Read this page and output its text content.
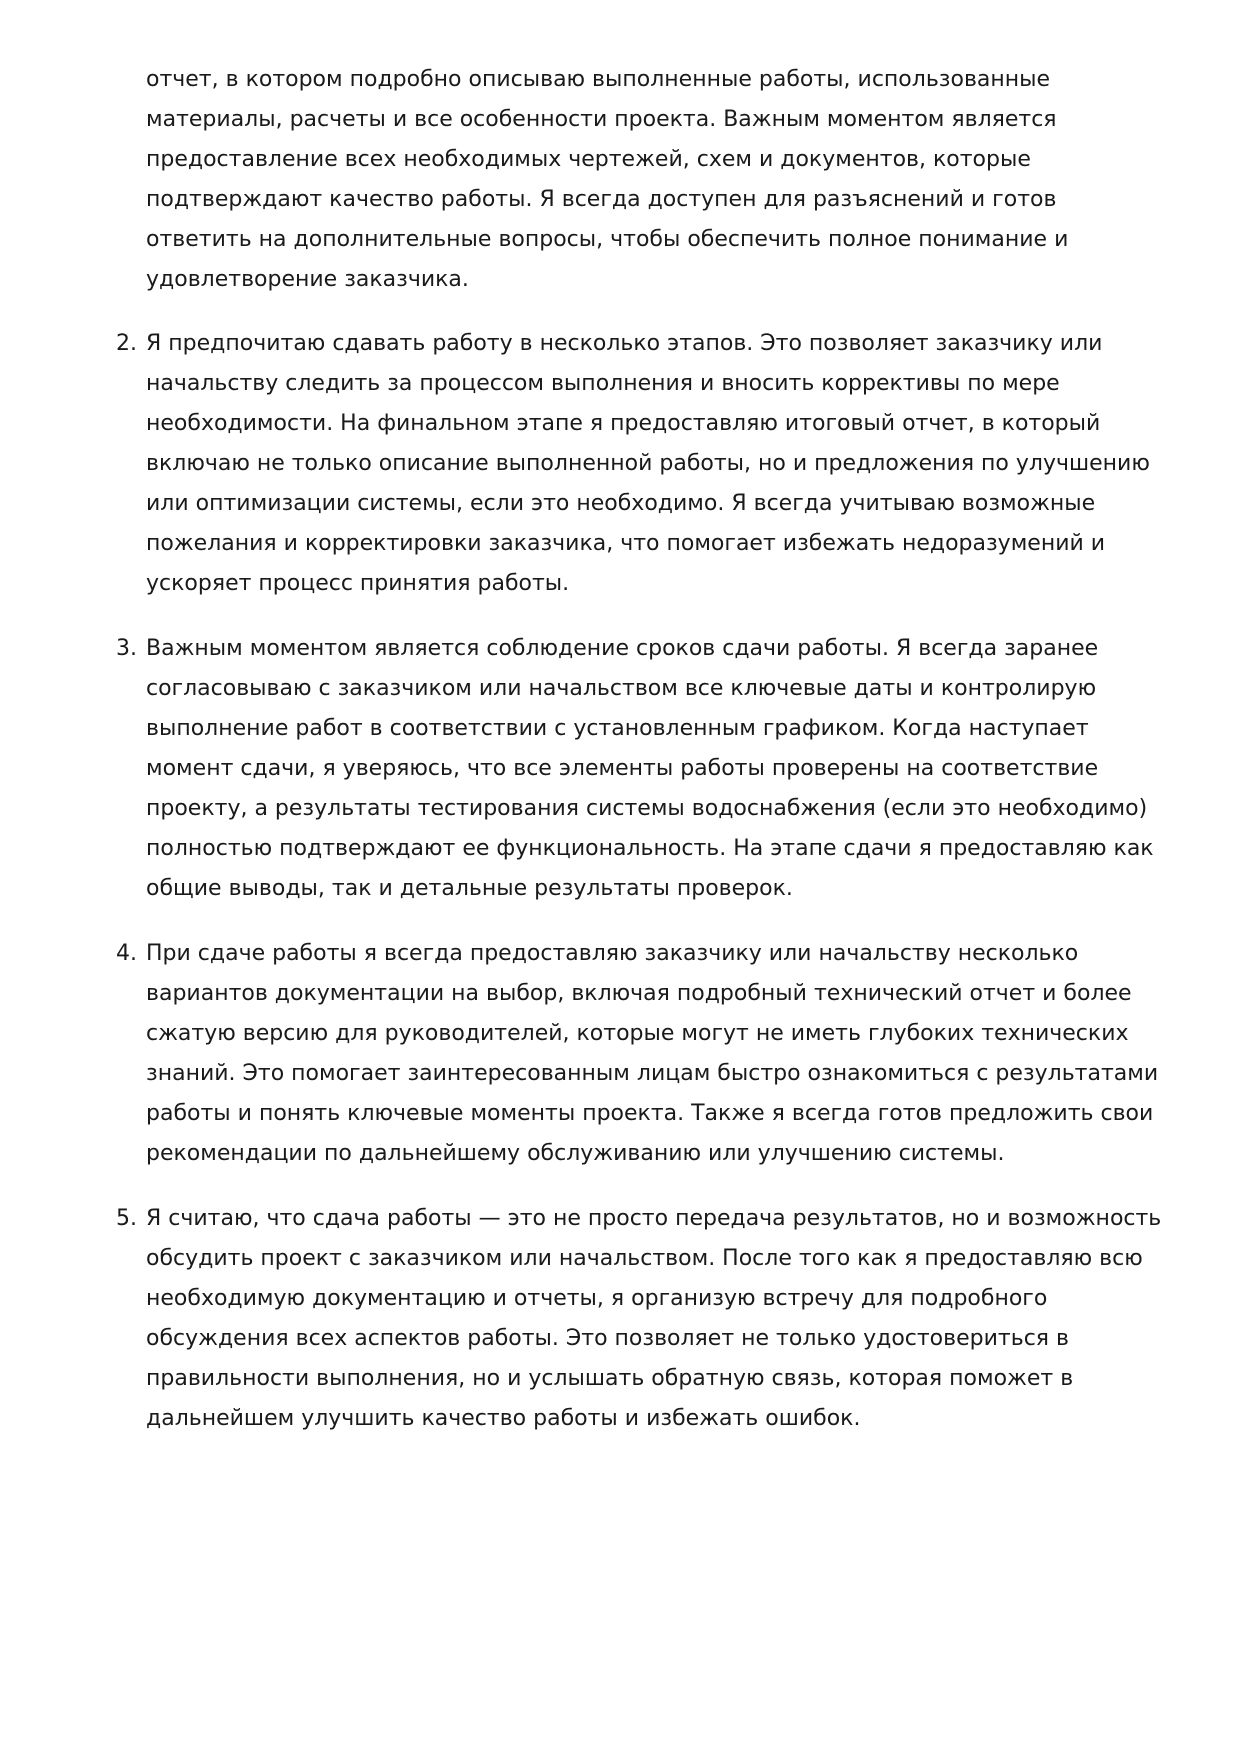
отчет, в котором подробно описываю выполненные работы, использованные материалы, расчеты и все особенности проекта. Важным моментом является предоставление всех необходимых чертежей, схем и документов, которые подтверждают качество работы. Я всегда доступен для разъяснений и готов ответить на дополнительные вопросы, чтобы обеспечить полное понимание и удовлетворение заказчика.

2. Я предпочитаю сдавать работу в несколько этапов. Это позволяет заказчику или начальству следить за процессом выполнения и вносить коррективы по мере необходимости. На финальном этапе я предоставляю итоговый отчет, в который включаю не только описание выполненной работы, но и предложения по улучшению или оптимизации системы, если это необходимо. Я всегда учитываю возможные пожелания и корректировки заказчика, что помогает избежать недоразумений и ускоряет процесс принятия работы.

3. Важным моментом является соблюдение сроков сдачи работы. Я всегда заранее согласовываю с заказчиком или начальством все ключевые даты и контролирую выполнение работ в соответствии с установленным графиком. Когда наступает момент сдачи, я уверяюсь, что все элементы работы проверены на соответствие проекту, а результаты тестирования системы водоснабжения (если это необходимо) полностью подтверждают ее функциональность. На этапе сдачи я предоставляю как общие выводы, так и детальные результаты проверок.

4. При сдаче работы я всегда предоставляю заказчику или начальству несколько вариантов документации на выбор, включая подробный технический отчет и более сжатую версию для руководителей, которые могут не иметь глубоких технических знаний. Это помогает заинтересованным лицам быстро ознакомиться с результатами работы и понять ключевые моменты проекта. Также я всегда готов предложить свои рекомендации по дальнейшему обслуживанию или улучшению системы.

5. Я считаю, что сдача работы — это не просто передача результатов, но и возможность обсудить проект с заказчиком или начальством. После того как я предоставляю всю необходимую документацию и отчеты, я организую встречу для подробного обсуждения всех аспектов работы. Это позволяет не только удостовериться в правильности выполнения, но и услышать обратную связь, которая поможет в дальнейшем улучшить качество работы и избежать ошибок.
